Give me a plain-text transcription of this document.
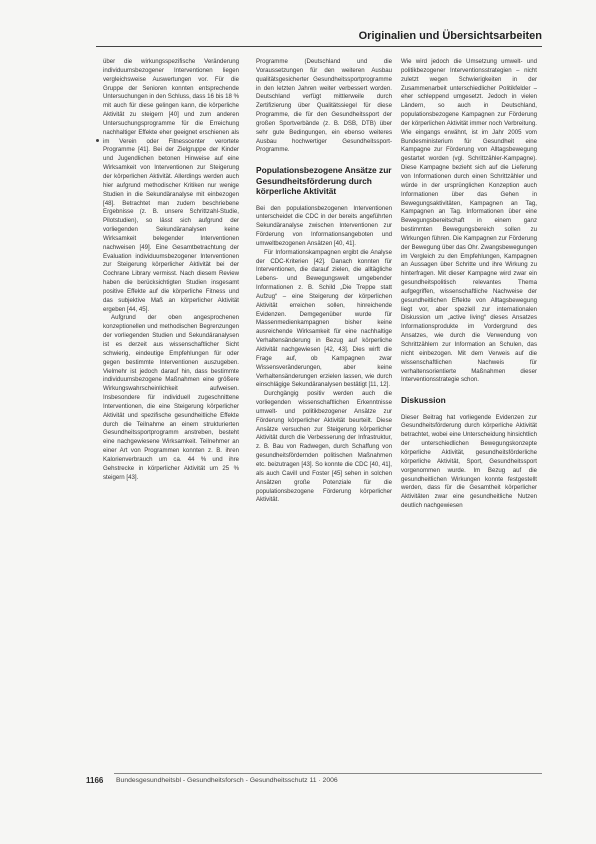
Originalien und Übersichtsarbeiten

über die wirkungsspezifische Veränderung individuumsbezogener Interventionen liegen vergleichsweise Auswertungen vor. Für die Gruppe der Senioren konnten entsprechende Untersuchungen in den Schluss, dass 16 bis 18 % mit auch für diese gelingen kann, die körperliche Aktivität zu steigern [40] und zum anderen Untersuchungsprogramme für die Erreichung nachhaltiger Effekte eher geeignet erschienen als im Verein oder Fitnesscenter verortete Programme [41]. Bei der Zielgruppe der Kinder und Jugendlichen betonen Hinweise auf eine Wirksamkeit von Interventionen zur Steigerung der körperlichen Aktivität. Allerdings werden auch hier aufgrund methodischer Kritiken nur wenige Studien in die Sekundäranalyse mit einbezogen [48]. Betrachtet man zudem beschriebene Ergebnisse (z. B. unsere Schrittzahl-Studie, Pilotstudien), so lässt sich aufgrund der vorliegenden Sekundäranalysen keine Wirksamkeit belegender Interventionen nachweisen [49]. Eine Gesamtbetrachtung der Evaluation individuumsbezogener Interventionen zur Steigerung körperlicher Aktivität bei der Cochrane Library vermisst. Nach diesem Review haben die berücksichtigten Studien insgesamt positive Effekte auf die körperliche Fitness und das subjektive Maß an körperlicher Aktivität ergeben [44, 45].

Aufgrund der oben angesprochenen konzeptionellen und methodischen Begrenzungen der vorliegenden Studien und Sekundäranalysen ist es derzeit aus wissenschaftlicher Sicht schwierig, eindeutige Empfehlungen für oder gegen bestimmte Interventionen auszugeben. Vielmehr ist jedoch darauf hin, dass bestimmte individuumsbezogene Maßnahmen eine größere Wirkungswahrscheinlichkeit aufweisen. Insbesondere für individuell zugeschnittene Interventionen, die eine Steigerung körperlicher Aktivität und spezifische gesundheitliche Effekte durch die Teilnahme an einem strukturierten Gesundheitssportprogramm anstreben, besteht eine nachgewiesene Wirksamkeit. Teilnehmer an einer Art von Programmen konnten z. B. ihren Kalorienverbrauch um ca. 44 % und ihre Gehstrecke in körperlicher Aktivität um 25 % steigern [43].

Programme (Deutschland und die Voraussetzungen für den weiteren Ausbau qualitätsgesicherter Gesundheitssportprogramme in den letzten Jahren weiter verbessert worden. Deutschland verfügt mittlerweile durch Zertifizierung über Qualitätssiegel für diese Programme, die für den Gesundheitssport der großen Sportverbände (z. B. DSB, DTB) über sehr gute Bedingungen, ein ebenso weiteres Ausbau hochwertiger Gesundheitssport-Programme.

Populationsbezogene Ansätze zur Gesundheitsförderung durch körperliche Aktivität

Bei den populationsbezogenen Interventionen unterscheidet die CDC in der bereits angeführten Sekundäranalyse zwischen Interventionen zur Förderung von Informationsangeboten und umweltbezogenen Ansätzen [40, 41].

Für Informationskampagnen ergibt die Analyse der CDC-Kriterien [42]. Danach konnten für Interventionen, die darauf zielen, die alltägliche Lebens- und Bewegungswelt umgebender Informationen z. B. Schild „Die Treppe statt Aufzug“ – eine Steigerung der körperlichen Aktivität erreichen sollen, hinreichende Evidenzen. Demgegenüber wurde für Massenmedienkampagnen bisher keine ausreichende Wirksamkeit für eine nachhaltige Verhaltensänderung in Bezug auf körperliche Aktivität nachgewiesen [42, 43]. Dies wirft die Frage auf, ob Kampagnen zwar Wissensveränderungen, aber keine Verhaltensänderungen erzielen lassen, wie durch einschlägige Sekundäranalysen bestätigt [11, 12].

Durchgängig positiv werden auch die vorliegenden wissenschaftlichen Erkenntnisse umwelt- und politikbezogener Ansätze zur Förderung körperlicher Aktivität beurteilt. Diese Ansätze versuchen zur Steigerung körperlicher Aktivität durch die Verbesserung der Infrastruktur, z. B. Bau von Radwegen, durch Schaffung von gesundheitsfördernden politischen Maßnahmen etc. beizutragen [43]. So konnte die CDC [40, 41], als auch Cavill und Foster [45] sehen in solchen Ansätzen große Potenziale für die populationsbezogene Förderung körperlicher Aktivität.

Wie wird jedoch die Umsetzung umwelt- und politikbezogener Interventionsstrategien – nicht zuletzt wegen Schwierigkeiten in der Zusammenarbeit unterschiedlicher Politikfelder – eher schleppend umgesetzt. Jedoch in vielen Ländern, so auch in Deutschland, populationsbezogene Kampagnen zur Förderung der körperlichen Aktivität immer noch Verbreitung. Wie eingangs erwähnt, ist im Jahr 2005 vom Bundesministerium für Gesundheit eine Kampagne zur Förderung von Alltagsbewegung gestartet worden (vgl. Schrittzähler-Kampagne). Diese Kampagne bezieht sich auf die Lieferung von Informationen durch einen Schrittzähler und würde in der ursprünglichen Konzeption auch Informationen über das Gehen in Bewegungsaktivitäten, Kampagnen an Tag, Kampagnen an Tag. Informationen über eine Bewegungsbereitschaft in einem ganz bestimmten Bewegungsbereich sollen zu Wirkungen führen. Die Kampagnen zur Förderung der Bewegung über das Ohr. Zwangsbewegungen im Vergleich zu den Empfehlungen, Kampagnen an Aussagen über Schritte und ihre Wirkung zu hinterfragen. Mit dieser Kampagne wird zwar ein gesundheitspolitisch relevantes Thema aufgegriffen, wissenschaftliche Nachweise der gesundheitlichen Effekte von Alltagsbewegung liegt vor, aber speziell zur internationalen Diskussion um „active living“ dieses Ansatzes Informationsprodukte im Vordergrund des Ansatzes, wie durch die Verwendung von Schrittzählern zur Information an Schulen, das nicht einbezogen. Mit dem Verweis auf die wissenschaftlichen Nachweis für verhaltensorientierte Maßnahmen dieser Interventionsstrategie schon.

Diskussion

Dieser Beitrag hat vorliegende Evidenzen zur Gesundheitsförderung durch körperliche Aktivität betrachtet, wobei eine Unterscheidung hinsichtlich der unterschiedlichen Bewegungskonzepte körperliche Aktivität, gesundheitsförderliche körperliche Aktivität, Sport, Gesundheitssport vorgenommen wurde. Im Bezug auf die gesundheitlichen Wirkungen konnte festgestellt werden, dass für die Gesamtheit körperlicher Aktivitäten zwar eine gesundheitliche Nutzen deutlich nachgewiesen

1166 Bundesgesundheitsbl - Gesundheitsforsch - Gesundheitsschutz 11 · 2006
